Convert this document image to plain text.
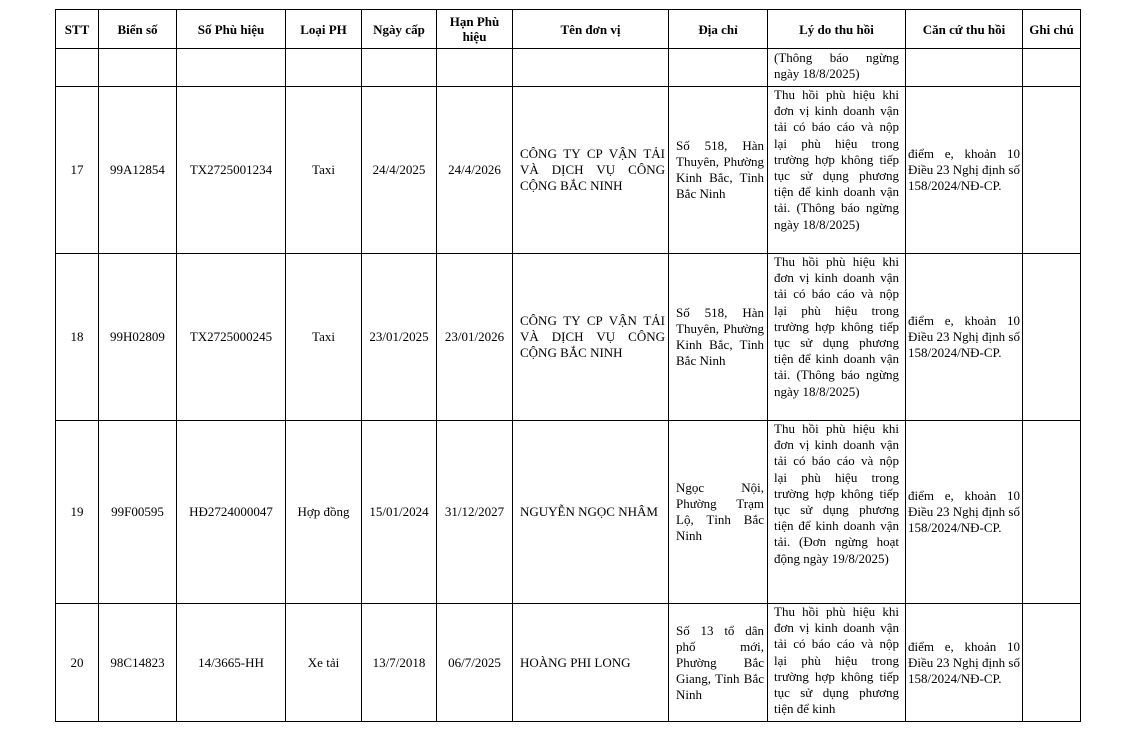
STT	Biển số	Số Phù hiệu	Loại PH	Ngày cấp	Hạn Phù hiệu	Tên đơn vị	Địa chỉ	Lý do thu hồi	Căn cứ thu hồi	Ghi chú
								(Thông báo ngừng ngày 18/8/2025)		
17	99A12854	TX2725001234	Taxi	24/4/2025	24/4/2026	CÔNG TY CP VẬN TẢI VÀ DỊCH VỤ CÔNG CỘNG BẮC NINH	Số 518, Hàn Thuyên, Phường Kinh Bắc, Tỉnh Bắc Ninh	Thu hồi phù hiệu khi đơn vị kinh doanh vận tải có báo cáo và nộp lại phù hiệu trong trường hợp không tiếp tục sử dụng phương tiện để kinh doanh vận tải. (Thông báo ngừng ngày 18/8/2025)	điểm e, khoản 10 Điều 23 Nghị định số 158/2024/NĐ-CP.	
18	99H02809	TX2725000245	Taxi	23/01/2025	23/01/2026	CÔNG TY CP VẬN TẢI VÀ DỊCH VỤ CÔNG CỘNG BẮC NINH	Số 518, Hàn Thuyên, Phường Kinh Bắc, Tỉnh Bắc Ninh	Thu hồi phù hiệu khi đơn vị kinh doanh vận tải có báo cáo và nộp lại phù hiệu trong trường hợp không tiếp tục sử dụng phương tiện để kinh doanh vận tải. (Thông báo ngừng ngày 18/8/2025)	điểm e, khoản 10 Điều 23 Nghị định số 158/2024/NĐ-CP.	
19	99F00595	HĐ2724000047	Hợp đồng	15/01/2024	31/12/2027	NGUYỄN NGỌC NHÂM	Ngọc Nội, Phường Trạm Lộ, Tỉnh Bắc Ninh	Thu hồi phù hiệu khi đơn vị kinh doanh vận tải có báo cáo và nộp lại phù hiệu trong trường hợp không tiếp tục sử dụng phương tiện để kinh doanh vận tải. (Đơn ngừng hoạt động ngày 19/8/2025)	điểm e, khoản 10 Điều 23 Nghị định số 158/2024/NĐ-CP.	
20	98C14823	14/3665-HH	Xe tải	13/7/2018	06/7/2025	HOÀNG PHI LONG	Số 13 tổ dân phố mới, Phường Bắc Giang, Tỉnh Bắc Ninh	Thu hồi phù hiệu khi đơn vị kinh doanh vận tải có báo cáo và nộp lại phù hiệu trong trường hợp không tiếp tục sử dụng phương tiện để kinh	điểm e, khoản 10 Điều 23 Nghị định số 158/2024/NĐ-CP.	
